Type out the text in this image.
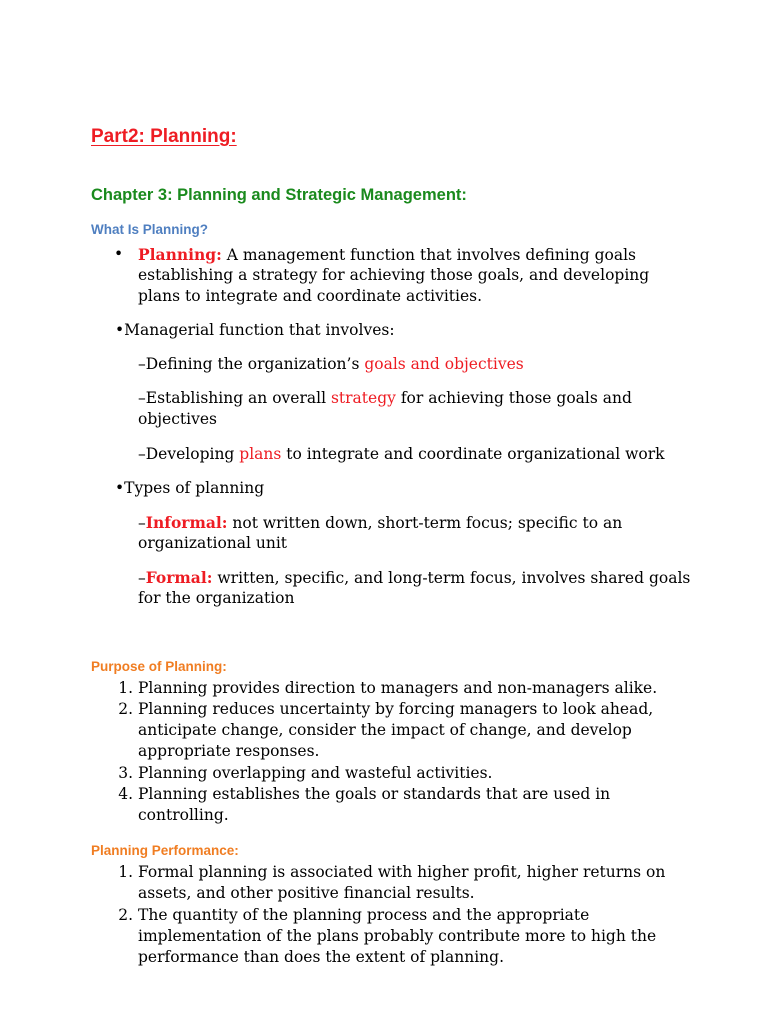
Part2: Planning:
Chapter 3: Planning and Strategic Management:
What Is Planning?
• Planning: A management function that involves defining goals

establishing a strategy for achieving those goals, and developing

plans to integrate and coordinate activities.

•Managerial function that involves:

–Defining the organization’s goals and objectives

–Establishing an overall strategy for achieving those goals and

objectives

–Developing plans to integrate and coordinate organizational work

•Types of planning

–Informal: not written down, short-term focus; specific to an

organizational unit

–Formal: written, specific, and long-term focus, involves shared goals

for the organization

Purpose of Planning:
1. Planning provides direction to managers and non-managers alike.

2. Planning reduces uncertainty by forcing managers to look ahead,

anticipate change, consider the impact of change, and develop

appropriate responses.

3. Planning overlapping and wasteful activities.

4. Planning establishes the goals or standards that are used in

controlling.

Planning Performance:
1. Formal planning is associated with higher profit, higher returns on

assets, and other positive financial results.

2. The quantity of the planning process and the appropriate

implementation of the plans probably contribute more to high the

performance than does the extent of planning.
